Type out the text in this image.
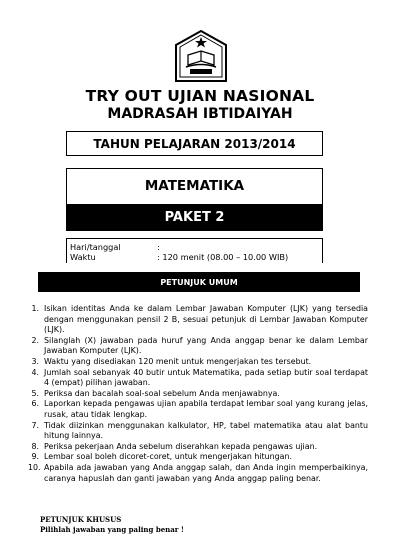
TRY OUT UJIAN NASIONAL
MADRASAH IBTIDAIYAH
TAHUN PELAJARAN 2013/2014
MATEMATIKA
PAKET 2
Hari/tanggal	:
Waktu	: 120 menit (08.00 – 10.00 WIB)
PETUNJUK UMUM
1. Isikan identitas Anda ke dalam Lembar Jawaban Komputer (LJK) yang tersedia dengan menggunakan pensil 2 B, sesuai petunjuk di Lembar Jawaban Komputer (LJK).
2. Silanglah (X) jawaban pada huruf yang Anda anggap benar ke dalam Lembar Jawaban Komputer (LJK).
3. Waktu yang disediakan 120 menit untuk mengerjakan tes tersebut.
4. Jumlah soal sebanyak 40 butir untuk Matematika, pada setiap butir soal terdapat 4 (empat) pilihan jawaban.
5. Periksa dan bacalah soal-soal sebelum Anda menjawabnya.
6. Laporkan kepada pengawas ujian apabila terdapat lembar soal yang kurang jelas, rusak, atau tidak lengkap.
7. Tidak diizinkan menggunakan kalkulator, HP, tabel matematika atau alat bantu hitung lainnya.
8. Periksa pekerjaan Anda sebelum diserahkan kepada pengawas ujian.
9. Lembar soal boleh dicoret-coret, untuk mengerjakan hitungan.
10. Apabila ada jawaban yang Anda anggap salah, dan Anda ingin memperbaikinya, caranya hapuslah dan ganti jawaban yang Anda anggap paling benar.
PETUNJUK KHUSUS
Pilihlah jawaban yang paling benar !
